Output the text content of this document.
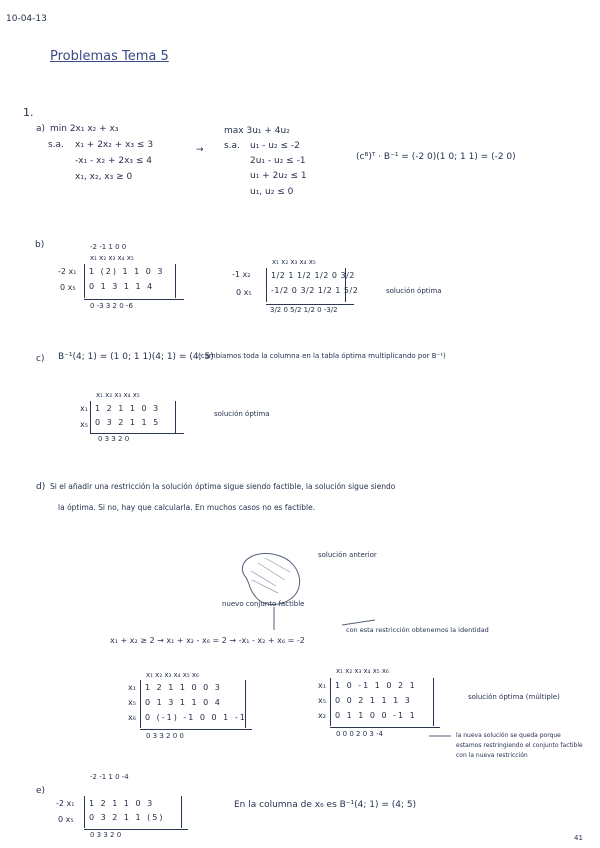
10-04-13
Problemas Tema 5
1.
a) min 2x₁ x₂ + x₃
s.a. x₁ + 2x₂ + x₃ ≤ 3
-x₁ - x₂ + 2x₃ ≤ 4
x₁, x₂, x₃ ≥ 0
→
max 3u₁ + 4u₂
s.a. u₁ - u₂ ≤ -2
2u₁ - u₂ ≤ -1
u₁ + 2u₂ ≤ 1
u₁, u₂ ≤ 0
(cᴮ)ᵀ · B⁻¹ = (-2 0)(1 0; 1 1) = (-2 0)
b)	-2 -1 1 0 0
x₁ x₂ x₃ x₄ x₅
1 (2) 1 1 0 3
0 1 3 1 1 4
-2 x₁
0 x₅
0 -3 3 2 0 -6
x₁ x₂ x₃ x₄ x₅
1/2 1 1/2 1/2 0 3/2
-1/2 0 3/2 1/2 1 5/2
-1 x₂
0 x₅
3/2 0 5/2 1/2 0 -3/2
solución óptima
c) B⁻¹(4; 1) = (1 0; 1 1)(4; 1) = (4; 5)
(cambiamos toda la columna en la tabla óptima multiplicando por B⁻¹)
x₁ x₂ x₃ x₄ x₅
1 2 1 1 0 3
0 3 2 1 1 5
x₁
x₅
0 3 3 2 0
solución óptima
d) Si el añadir una restricción la solución óptima sigue siendo factible, la solución sigue siendo
la óptima. Si no, hay que calcularla. En muchos casos no es factible.
solución anterior
nuevo conjunto factible
x₁ + x₂ ≥ 2 → x₁ + x₂ - x₆ = 2 → -x₁ - x₂ + x₆ = -2
con esta restricción obtenemos la identidad
x₁ x₂ x₃ x₄ x₅ x₆
1 2 1 1 0 0 3
0 1 3 1 1 0 4
0 (-1) -1 0 0 1 -1
x₁
x₅
x₆
0 3 3 2 0 0
x₁ x₂ x₃ x₄ x₅ x₆
1 0 -1 1 0 2 1
0 0 2 1 1 1 3
0 1 1 0 0 -1 1
x₁
x₅
x₂
0 0 0 2 0 3 -4
solución óptima (múltiple)
la nueva solución se queda porque estamos restringiendo el conjunto factible con la nueva restricción
e)
-2 -1 1 0 -4
1 2 1 1 0 3
0 3 2 1 1 (5)
-2 x₁
0 x₅
0 3 3 2 0
En la columna de x₆ es B⁻¹(4; 1) = (4; 5)
41
